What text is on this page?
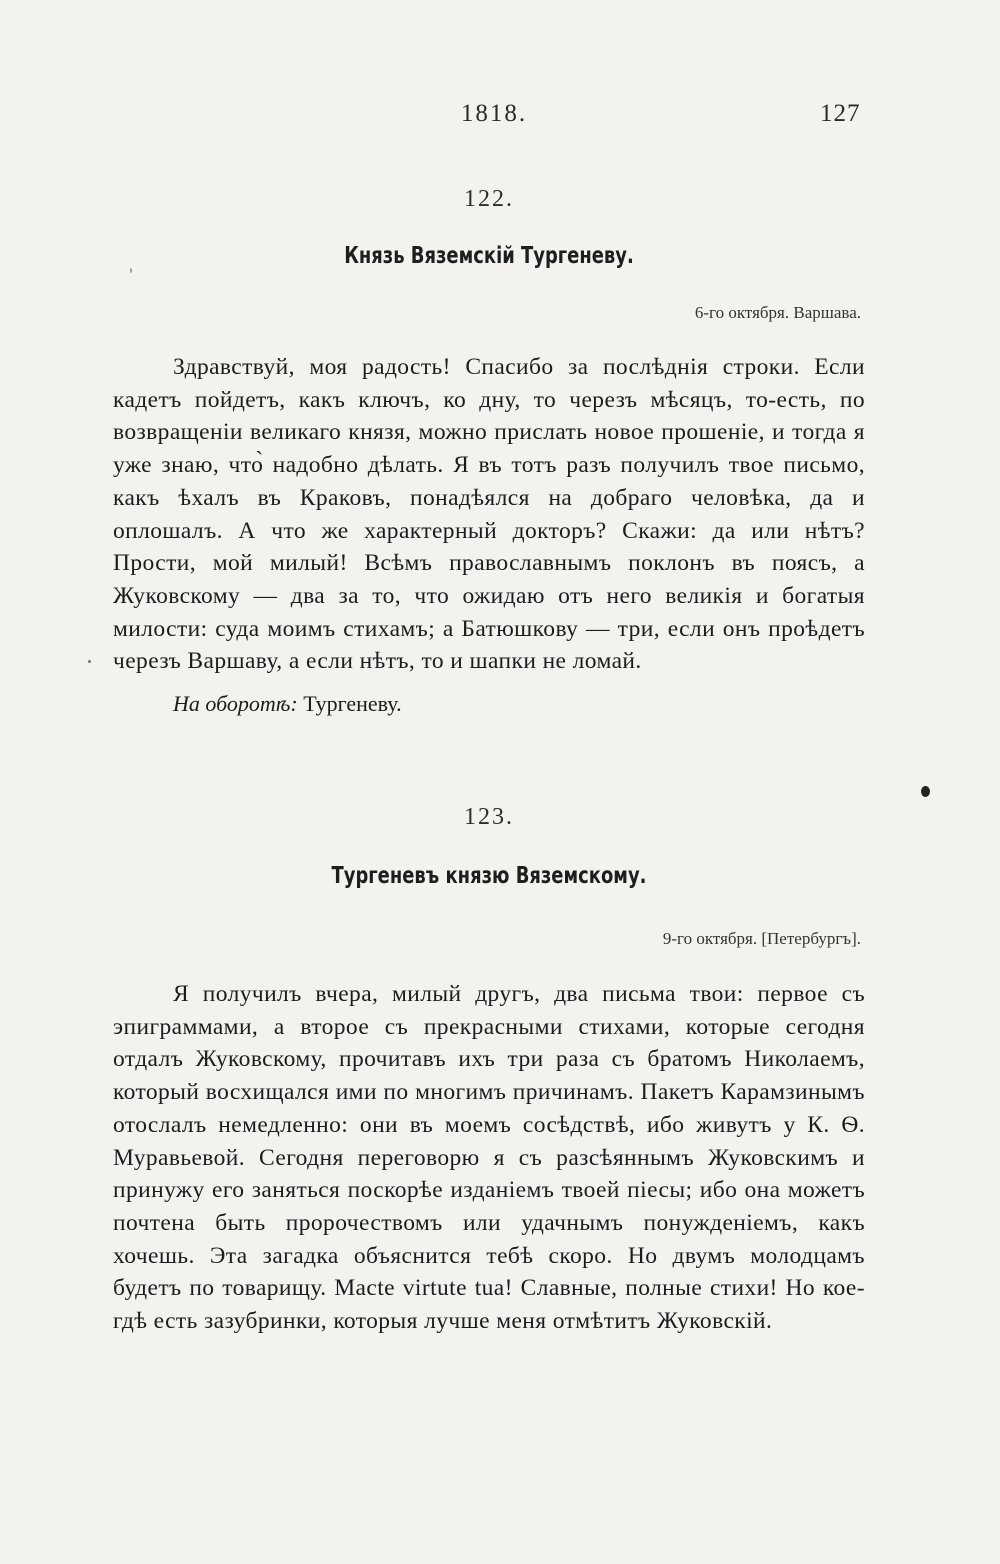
1818.	127

122.

Князь Вяземскій Тургеневу.

6-го октября. Варшава.

Здравствуй, моя радость! Спасибо за послѣднія строки. Если кадетъ пойдетъ, какъ ключъ, ко дну, то черезъ мѣсяцъ, то-есть, по возвращеніи великаго князя, можно прислать новое прошеніе, и тогда я уже знаю, что̀ надобно дѣлать. Я въ тотъ разъ получилъ твое письмо, какъ ѣхалъ въ Краковъ, понадѣялся на добраго человѣка, да и оплошалъ. А что же характерный докторъ? Скажи: да или нѣтъ? Прости, мой милый! Всѣмъ православнымъ поклонъ въ поясъ, а Жуковскому — два за то, что ожидаю отъ него великія и богатыя милости: суда моимъ стихамъ; а Батюшкову — три, если онъ проѣдетъ черезъ Варшаву, а если нѣтъ, то и шапки не ломай.

На оборотѣ: Тургеневу.

123.

Тургеневъ князю Вяземскому.

9-го октября. [Петербургъ].

Я получилъ вчера, милый другъ, два письма твои: первое съ эпиграммами, а второе съ прекрасными стихами, которые сегодня отдалъ Жуковскому, прочитавъ ихъ три раза съ братомъ Николаемъ, который восхищался ими по многимъ причинамъ. Пакетъ Карамзинымъ отослалъ немедленно: они въ моемъ сосѣдствѣ, ибо живутъ у К. Ѳ. Муравьевой. Сегодня переговорю я съ разсѣяннымъ Жуковскимъ и принужу его заняться поскорѣе изданіемъ твоей піесы; ибо она можетъ почтена быть пророчествомъ или удачнымъ понужденіемъ, какъ хочешь. Эта загадка объяснится тебѣ скоро. Но двумъ молодцамъ будетъ по товарищу. Macte virtute tua! Славные, полные стихи! Но кое-гдѣ есть зазубринки, которыя лучше меня отмѣтитъ Жуковскій.
